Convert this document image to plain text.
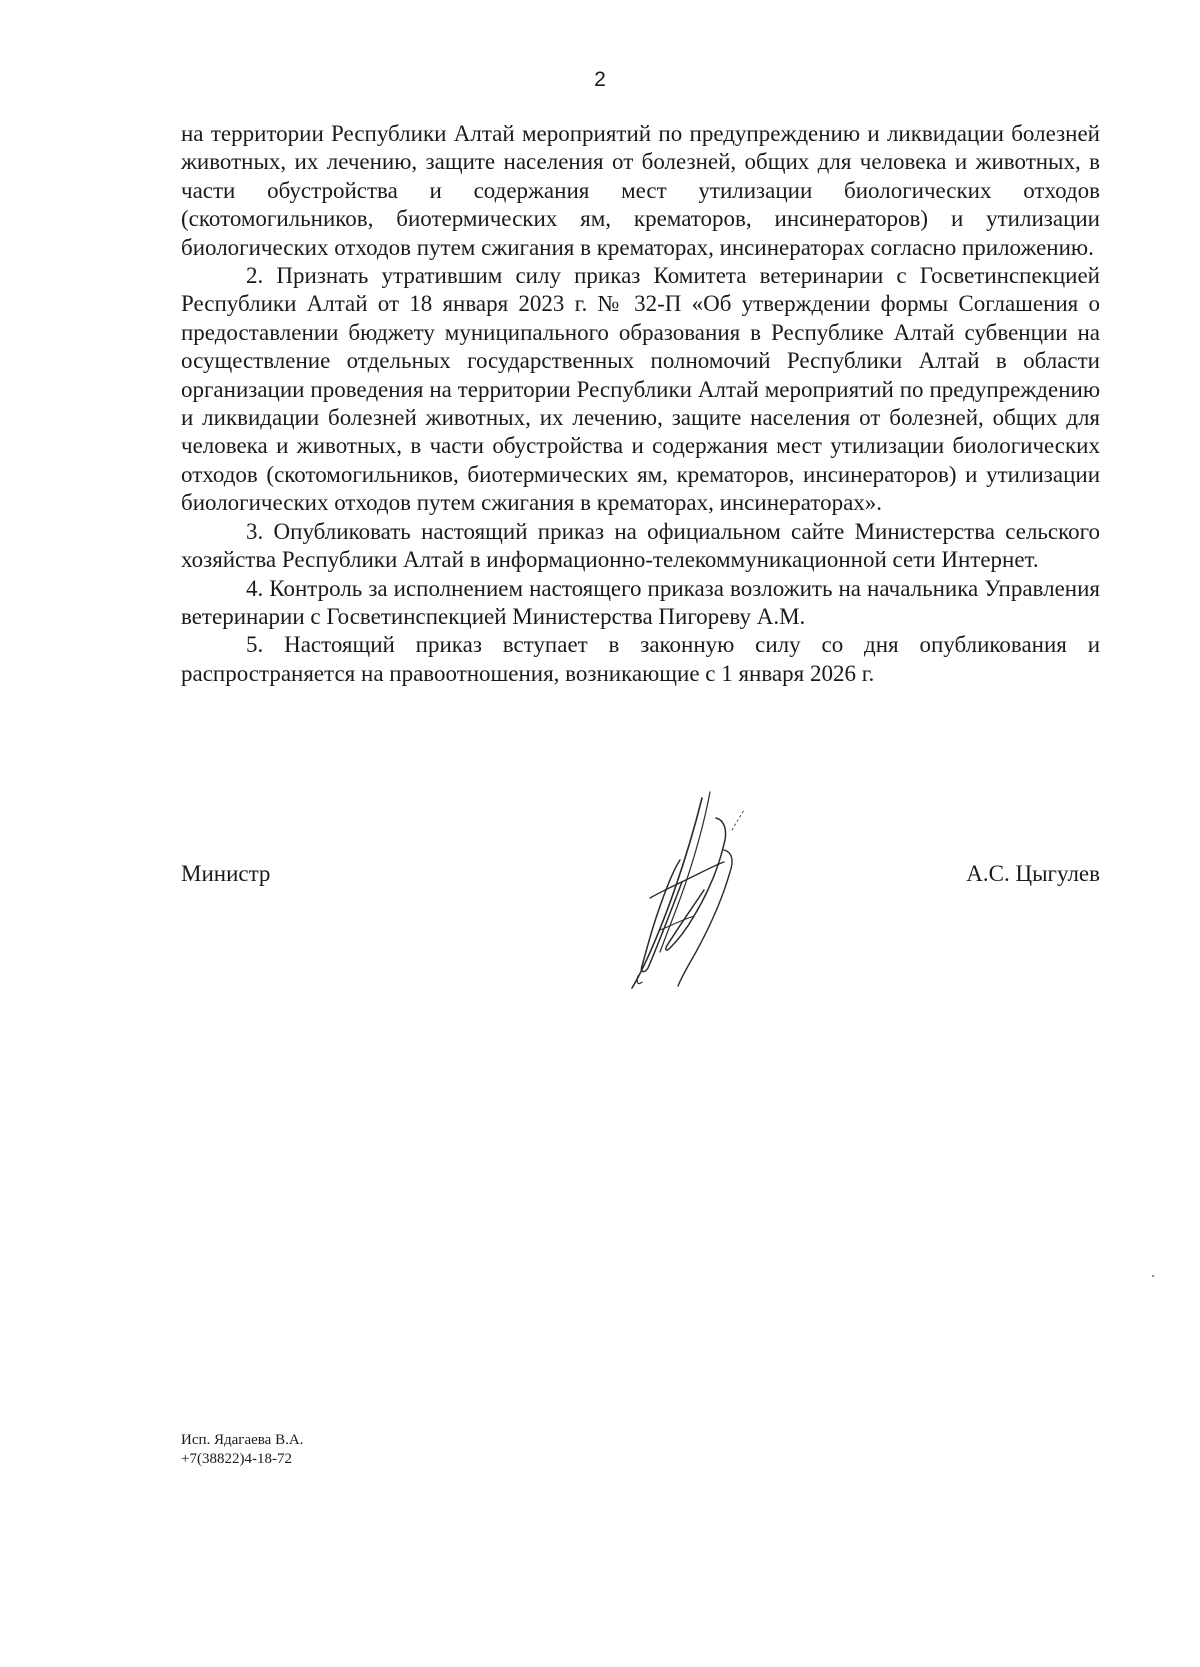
2

на территории Республики Алтай мероприятий по предупреждению и ликвидации болезней животных, их лечению, защите населения от болезней, общих для человека и животных, в части обустройства и содержания мест утилизации биологических отходов (скотомогильников, биотермических ям, крематоров, инсинераторов) и утилизации биологических отходов путем сжигания в крематорах, инсинераторах согласно приложению.

2. Признать утратившим силу приказ Комитета ветеринарии с Госветинспекцией Республики Алтай от 18 января 2023 г. № 32-П «Об утверждении формы Соглашения о предоставлении бюджету муниципального образования в Республике Алтай субвенции на осуществление отдельных государственных полномочий Республики Алтай в области организации проведения на территории Республики Алтай мероприятий по предупреждению и ликвидации болезней животных, их лечению, защите населения от болезней, общих для человека и животных, в части обустройства и содержания мест утилизации биологических отходов (скотомогильников, биотермических ям, крематоров, инсинераторов) и утилизации биологических отходов путем сжигания в крематорах, инсинераторах».

3. Опубликовать настоящий приказ на официальном сайте Министерства сельского хозяйства Республики Алтай в информационно-телекоммуникационной сети Интернет.

4. Контроль за исполнением настоящего приказа возложить на начальника Управления ветеринарии с Госветинспекцией Министерства Пигореву А.М.

5. Настоящий приказ вступает в законную силу со дня опубликования и распространяется на правоотношения, возникающие с 1 января 2026 г.

Министр	А.С. Цыгулев
Исп. Ядагаева В.А.
+7(38822)4-18-72
